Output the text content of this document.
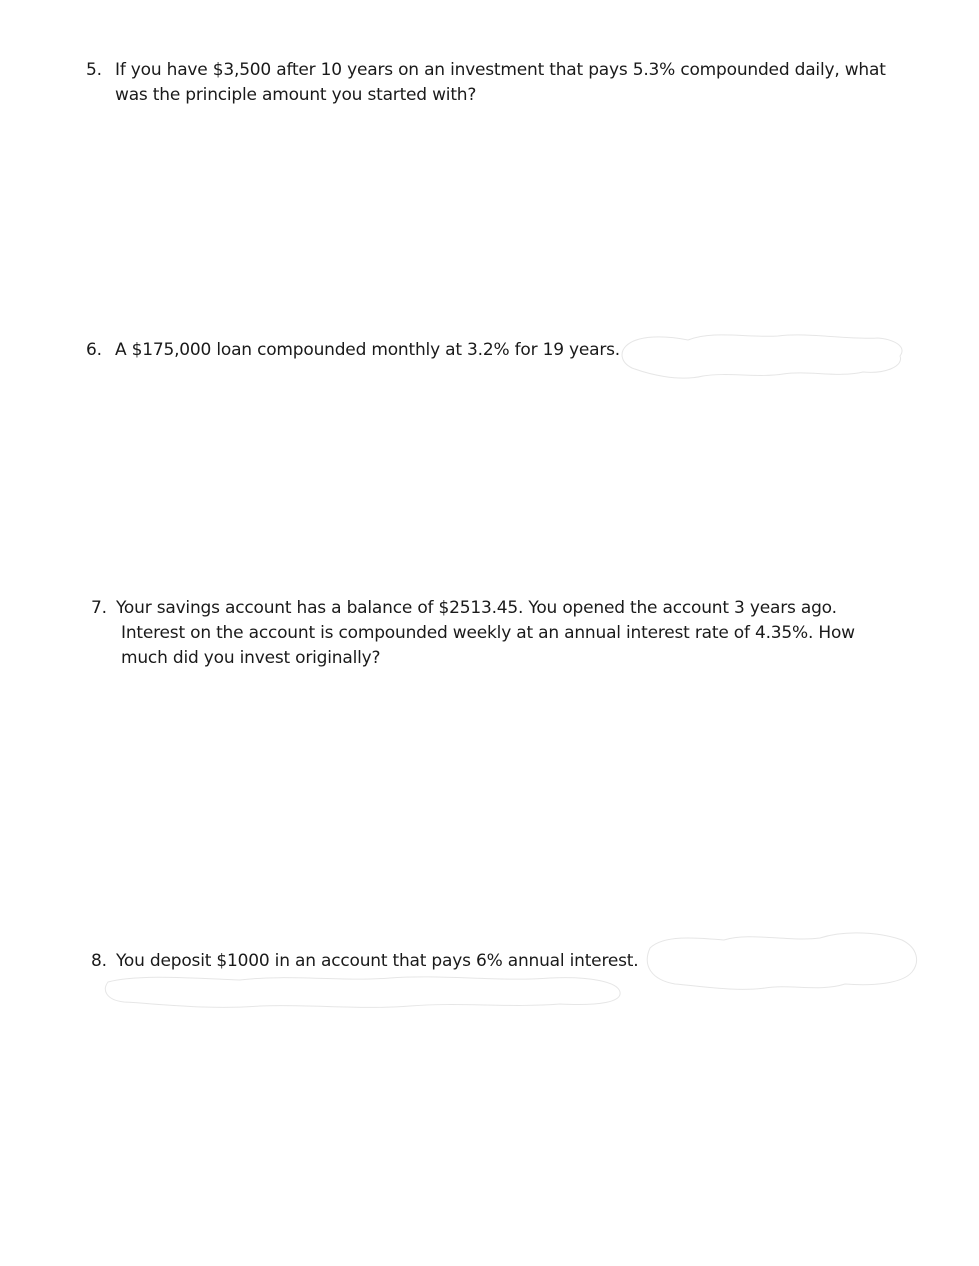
5. If you have $3,500 after 10 years on an investment that pays 5.3% compounded daily, what
was the principle amount you started with?
6. A $175,000 loan compounded monthly at 3.2% for 19 years.
7. Your savings account has a balance of $2513.45. You opened the account 3 years ago.
Interest on the account is compounded weekly at an annual interest rate of 4.35%. How
much did you invest originally?
8. You deposit $1000 in an account that pays 6% annual interest.
